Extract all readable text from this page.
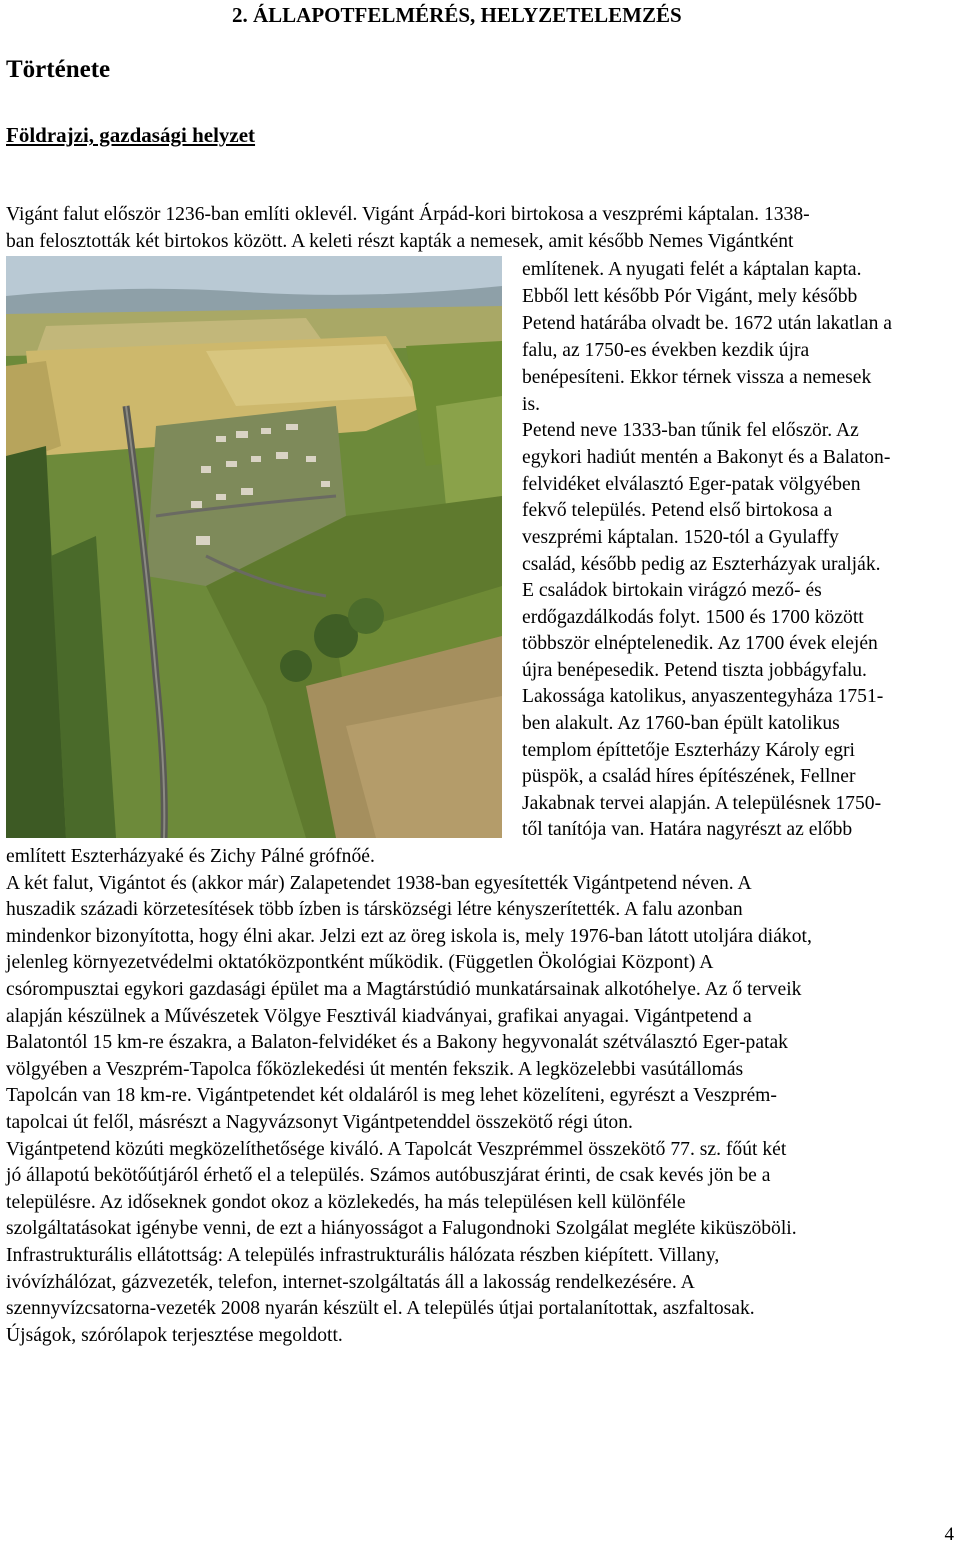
2. ÁLLAPOTFELMÉRÉS, HELYZETELEMZÉS
Története
Földrajzi, gazdasági helyzet
Vigánt falut először 1236-ban említi oklevél. Vigánt Árpád-kori birtokosa a veszprémi káptalan. 1338-
ban felosztották két birtokos között. A keleti részt kapták a nemesek, amit később Nemes Vigántként
említenek. A nyugati felét a káptalan kapta.
Ebből lett később Pór Vigánt, mely később
Petend határába olvadt be. 1672 után lakatlan a
falu, az 1750-es években kezdik újra
benépesíteni. Ekkor térnek vissza a nemesek
is.
Petend neve 1333-ban tűnik fel először. Az
egykori hadiút mentén a Bakonyt és a Balaton-
felvidéket elválasztó Eger-patak völgyében
fekvő település. Petend első birtokosa a
veszprémi káptalan. 1520-tól a Gyulaffy
család, később pedig az Eszterházyak uralják.
E családok birtokain virágzó mező- és
erdőgazdálkodás folyt. 1500 és 1700 között
többször elnéptelenedik. Az 1700 évek elején
újra benépesedik. Petend tiszta jobbágyfalu.
Lakossága katolikus, anyaszentegyháza 1751-
ben alakult. Az 1760-ban épült katolikus
templom építtetője Eszterházy Károly egri
püspök, a család híres építészének, Fellner
Jakabnak tervei alapján. A településnek 1750-
től tanítója van. Határa nagyrészt az előbb
említett Eszterházyaké és Zichy Pálné grófnőé.
A két falut, Vigántot és (akkor már) Zalapetendet 1938-ban egyesítették Vigántpetend néven. A
huszadik századi körzetesítések több ízben is társközségi létre kényszerítették. A falu azonban
mindenkor bizonyította, hogy élni akar. Jelzi ezt az öreg iskola is, mely 1976-ban látott utoljára diákot,
jelenleg környezetvédelmi oktatóközpontként működik. (Független Ökológiai Központ) A
csórompusztai egykori gazdasági épület ma a Magtárstúdió munkatársainak alkotóhelye. Az ő terveik
alapján készülnek a Művészetek Völgye Fesztivál kiadványai, grafikai anyagai. Vigántpetend a
Balatontól 15 km-re északra, a Balaton-felvidéket és a Bakony hegyvonalát szétválasztó Eger-patak
völgyében a Veszprém-Tapolca főközlekedési út mentén fekszik. A legközelebbi vasútállomás
Tapolcán van 18 km-re. Vigántpetendet két oldaláról is meg lehet közelíteni, egyrészt a Veszprém-
tapolcai út felől, másrészt a Nagyvázsonyt Vigántpetenddel összekötő régi úton.
Vigántpetend közúti megközelíthetősége kiváló. A Tapolcát Veszprémmel összekötő 77. sz. főút két
jó állapotú bekötőútjáról érhető el a település. Számos autóbuszjárat érinti, de csak kevés jön be a
településre. Az időseknek gondot okoz a közlekedés, ha más településen kell különféle
szolgáltatásokat igénybe venni, de ezt a hiányosságot a Falugondnoki Szolgálat megléte kiküszöböli.
Infrastrukturális ellátottság: A település infrastrukturális hálózata részben kiépített. Villany,
ivóvízhálózat, gázvezeték, telefon, internet-szolgáltatás áll a lakosság rendelkezésére. A
szennyvízcsatorna-vezeték 2008 nyarán készült el. A település útjai portalanítottak, aszfaltosak.
Újságok, szórólapok terjesztése megoldott.
4
